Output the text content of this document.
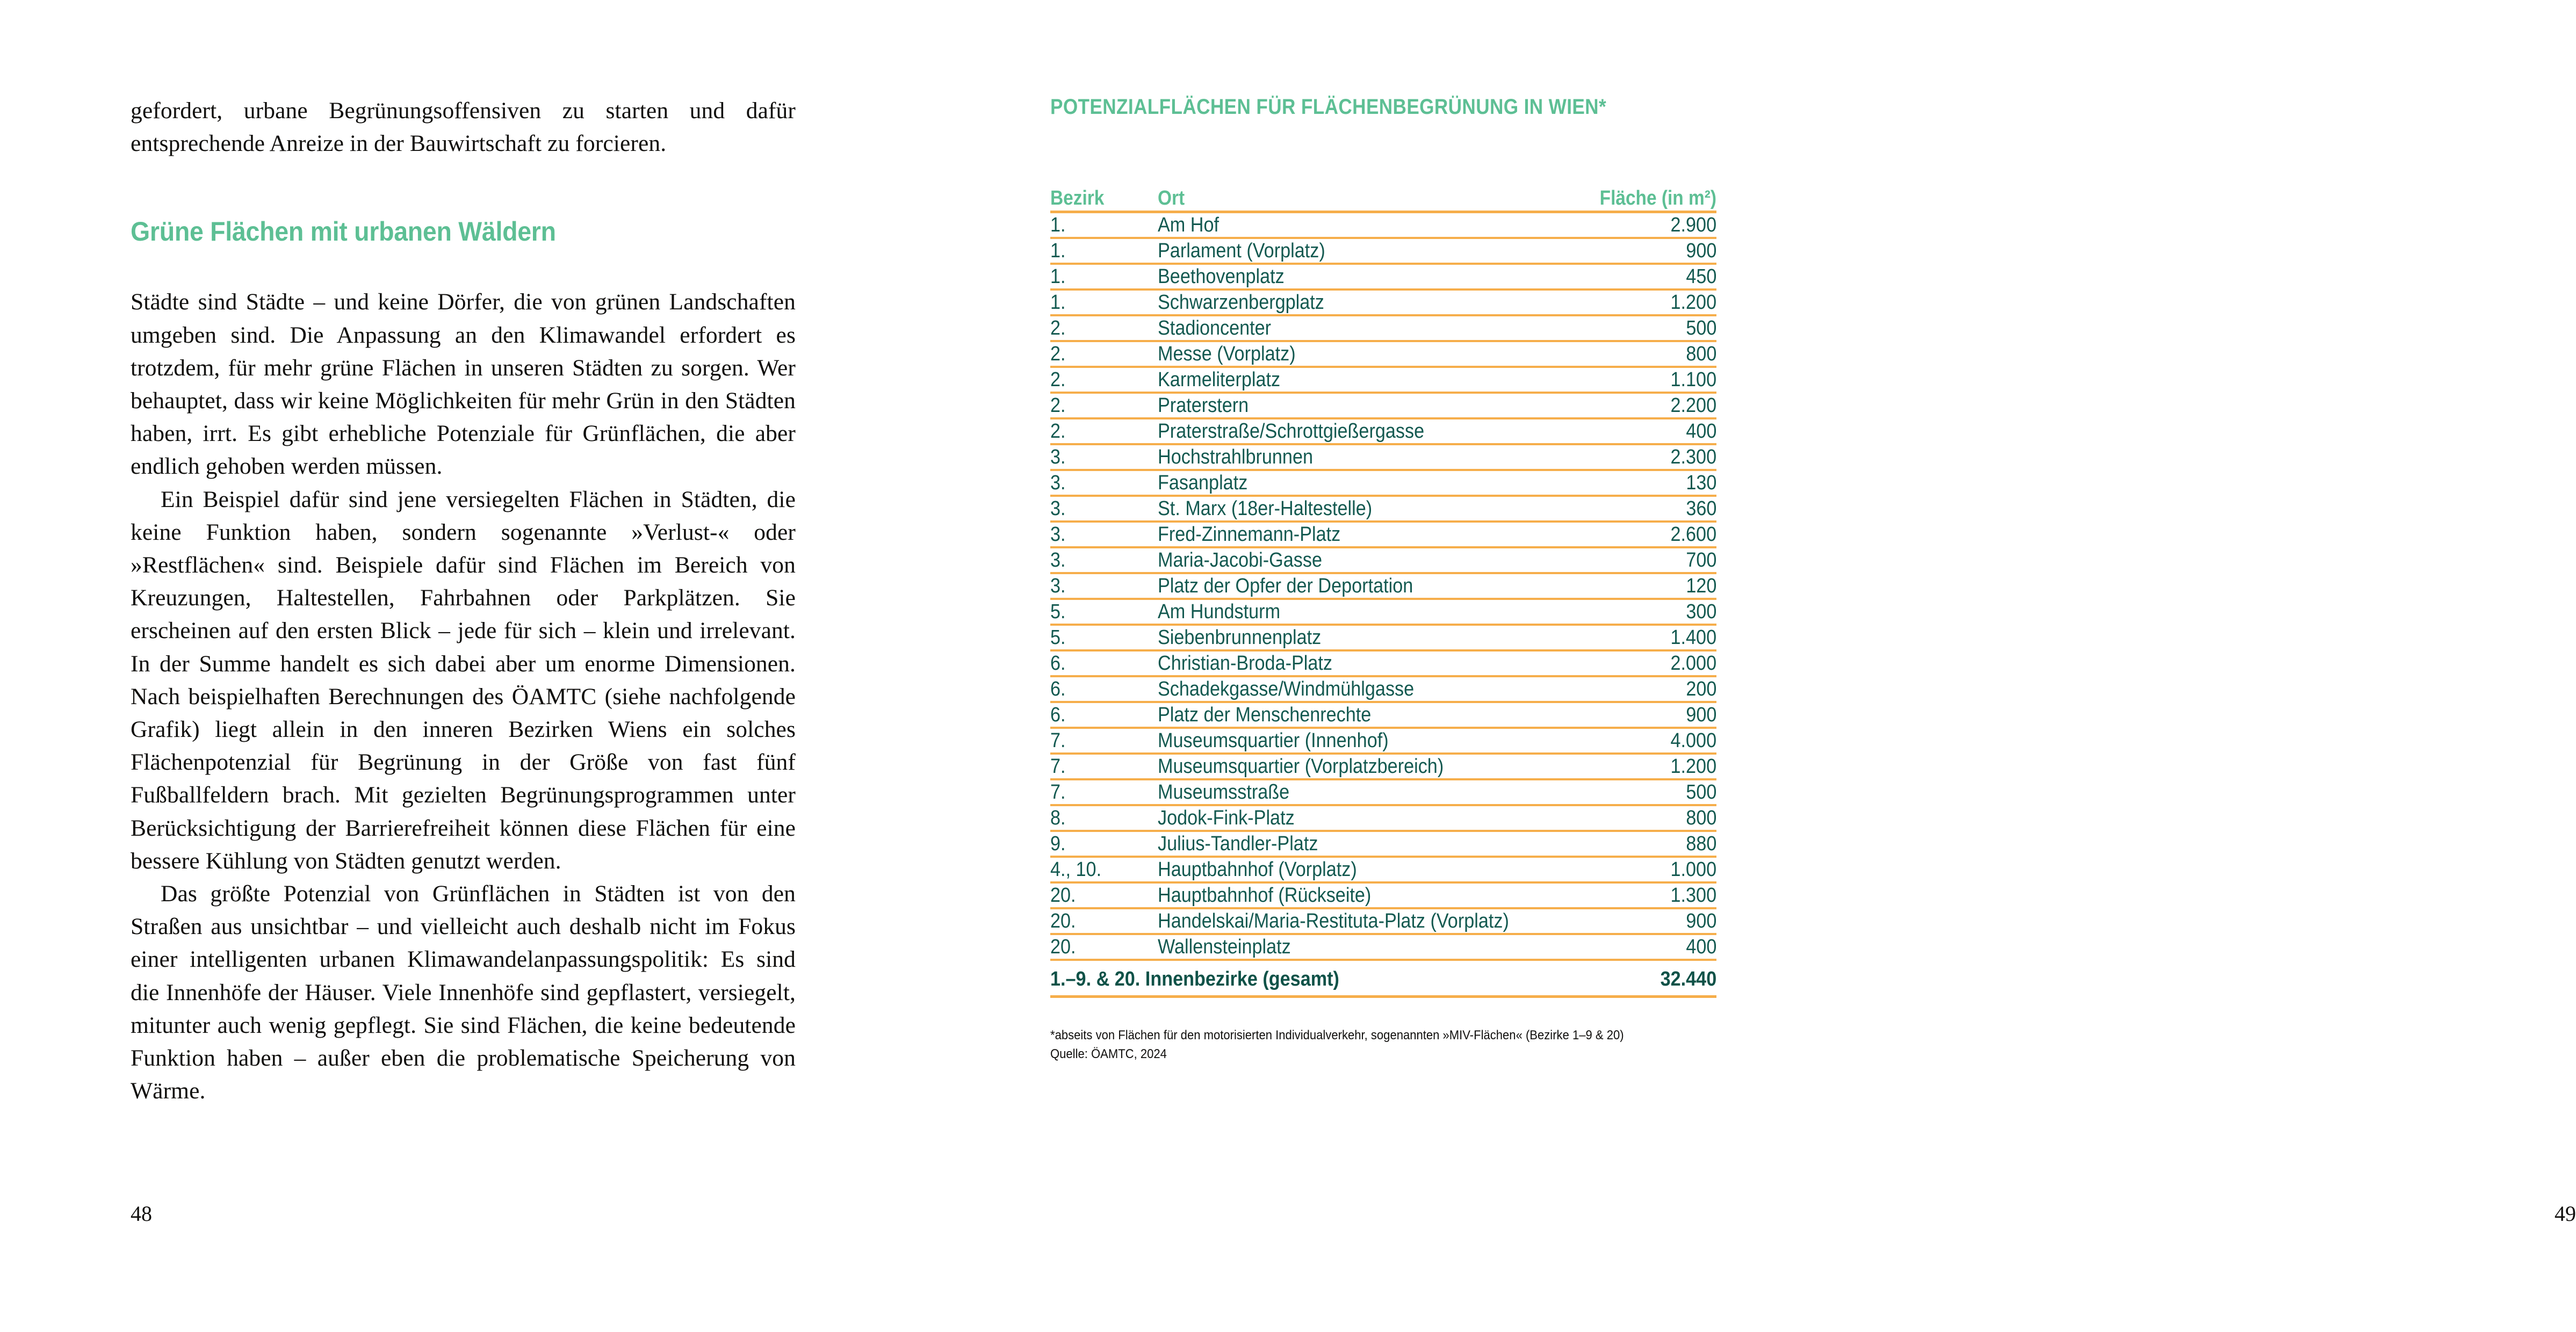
gefordert, urbane Begrünungsoffensiven zu starten und dafür entsprechende Anreize in der Bauwirtschaft zu forcieren.

Grüne Flächen mit urbanen Wäldern

Städte sind Städte – und keine Dörfer, die von grünen Landschaften umgeben sind. Die Anpassung an den Klimawandel erfordert es trotzdem, für mehr grüne Flächen in unseren Städten zu sorgen. Wer behauptet, dass wir keine Möglichkeiten für mehr Grün in den Städten haben, irrt. Es gibt erhebliche Potenziale für Grünflächen, die aber endlich gehoben werden müssen.

Ein Beispiel dafür sind jene versiegelten Flächen in Städten, die keine Funktion haben, sondern sogenannte »Verlust-« oder »Restflächen« sind. Beispiele dafür sind Flächen im Bereich von Kreuzungen, Haltestellen, Fahrbahnen oder Parkplätzen. Sie erscheinen auf den ersten Blick – jede für sich – klein und irrelevant. In der Summe handelt es sich dabei aber um enorme Dimensionen. Nach beispielhaften Berechnungen des ÖAMTC (siehe nachfolgende Grafik) liegt allein in den inneren Bezirken Wiens ein solches Flächenpotenzial für Begrünung in der Größe von fast fünf Fußballfeldern brach. Mit gezielten Begrünungsprogrammen unter Berücksichtigung der Barrierefreiheit können diese Flächen für eine bessere Kühlung von Städten genutzt werden.

Das größte Potenzial von Grünflächen in Städten ist von den Straßen aus unsichtbar – und vielleicht auch deshalb nicht im Fokus einer intelligenten urbanen Klimawandelanpassungspolitik: Es sind die Innenhöfe der Häuser. Viele Innenhöfe sind gepflastert, versiegelt, mitunter auch wenig gepflegt. Sie sind Flächen, die keine bedeutende Funktion haben – außer eben die problematische Speicherung von Wärme.

48
POTENZIALFLÄCHEN FÜR FLÄCHENBEGRÜNUNG IN WIEN*
Bezirk	Ort	Fläche (in m²)
1.	Am Hof	2.900
1.	Parlament (Vorplatz)	900
1.	Beethovenplatz	450
1.	Schwarzenbergplatz	1.200
2.	Stadioncenter	500
2.	Messe (Vorplatz)	800
2.	Karmeliterplatz	1.100
2.	Praterstern	2.200
2.	Praterstraße/Schrottgießergasse	400
3.	Hochstrahlbrunnen	2.300
3.	Fasanplatz	130
3.	St. Marx (18er-Haltestelle)	360
3.	Fred-Zinnemann-Platz	2.600
3.	Maria-Jacobi-Gasse	700
3.	Platz der Opfer der Deportation	120
5.	Am Hundsturm	300
5.	Siebenbrunnenplatz	1.400
6.	Christian-Broda-Platz	2.000
6.	Schadekgasse/Windmühlgasse	200
6.	Platz der Menschenrechte	900
7.	Museumsquartier (Innenhof)	4.000
7.	Museumsquartier (Vorplatzbereich)	1.200
7.	Museumsstraße	500
8.	Jodok-Fink-Platz	800
9.	Julius-Tandler-Platz	880
4., 10.	Hauptbahnhof (Vorplatz)	1.000
20.	Hauptbahnhof (Rückseite)	1.300
20.	Handelskai/Maria-Restituta-Platz (Vorplatz)	900
20.	Wallensteinplatz	400
1.–9. & 20. Innenbezirke (gesamt)		32.440
*abseits von Flächen für den motorisierten Individualverkehr, sogenannten »MIV-Flächen« (Bezirke 1–9 & 20)
Quelle: ÖAMTC, 2024
49
